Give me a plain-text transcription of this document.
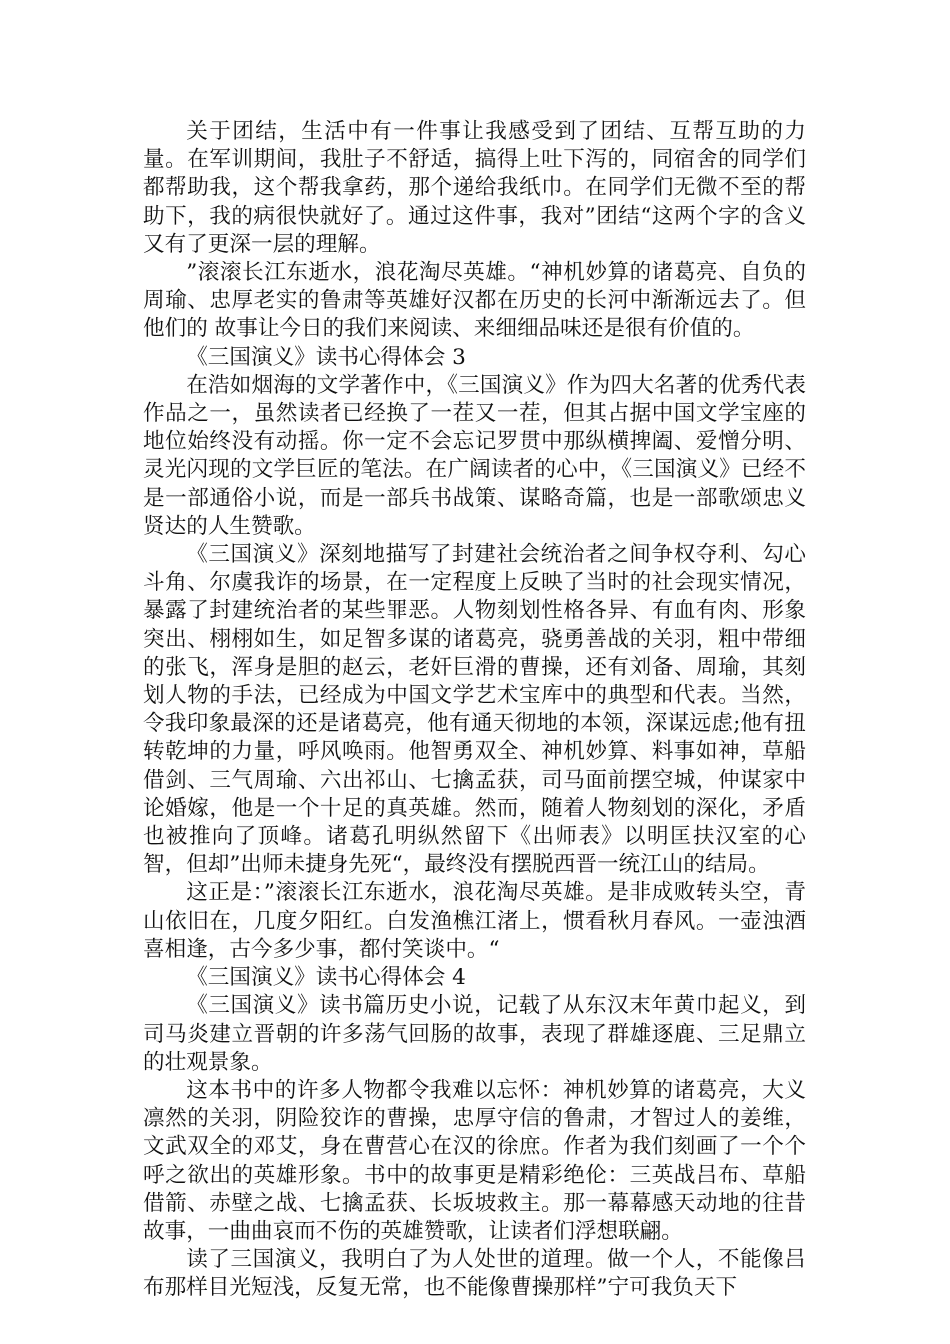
关于团结，生活中有一件事让我感受到了团结、互帮互助的力量。在军训期间，我肚子不舒适，搞得上吐下泻的，同宿舍的同学们都帮助我，这个帮我拿药，那个递给我纸巾。在同学们无微不至的帮助下，我的病很快就好了。通过这件事，我对”团结“这两个字的含义又有了更深一层的理解。

”滚滚长江东逝水，浪花淘尽英雄。“神机妙算的诸葛亮、自负的周瑜、忠厚老实的鲁肃等英雄好汉都在历史的长河中渐渐远去了。但他们的 故事让今日的我们来阅读、来细细品味还是很有价值的。

《三国演义》读书心得体会 3

在浩如烟海的文学著作中，《三国演义》作为四大名著的优秀代表作品之一，虽然读者已经换了一茬又一茬，但其占据中国文学宝座的地位始终没有动摇。你一定不会忘记罗贯中那纵横捭阖、爱憎分明、灵光闪现的文学巨匠的笔法。在广阔读者的心中，《三国演义》已经不是一部通俗小说，而是一部兵书战策、谋略奇篇，也是一部歌颂忠义贤达的人生赞歌。

《三国演义》深刻地描写了封建社会统治者之间争权夺利、勾心斗角、尔虞我诈的场景，在一定程度上反映了当时的社会现实情况，暴露了封建统治者的某些罪恶。人物刻划性格各异、有血有肉、形象突出、栩栩如生，如足智多谋的诸葛亮，骁勇善战的关羽，粗中带细的张飞，浑身是胆的赵云，老奸巨滑的曹操，还有刘备、周瑜，其刻划人物的手法，已经成为中国文学艺术宝库中的典型和代表。当然，令我印象最深的还是诸葛亮，他有通天彻地的本领，深谋远虑;他有扭转乾坤的力量，呼风唤雨。他智勇双全、神机妙算、料事如神，草船借剑、三气周瑜、六出祁山、七擒孟获，司马面前摆空城，仲谋家中论婚嫁，他是一个十足的真英雄。然而，随着人物刻划的深化，矛盾也被推向了顶峰。诸葛孔明纵然留下《出师表》以明匡扶汉室的心智，但却”出师未捷身先死“，最终没有摆脱西晋一统江山的结局。

这正是：”滚滚长江东逝水，浪花淘尽英雄。是非成败转头空，青山依旧在，几度夕阳红。白发渔樵江渚上，惯看秋月春风。一壶浊酒喜相逢，古今多少事，都付笑谈中。“

《三国演义》读书心得体会 4

《三国演义》读书篇历史小说，记载了从东汉末年黄巾起义，到司马炎建立晋朝的许多荡气回肠的故事，表现了群雄逐鹿、三足鼎立的壮观景象。

这本书中的许多人物都令我难以忘怀：神机妙算的诸葛亮，大义凛然的关羽，阴险狡诈的曹操，忠厚守信的鲁肃，才智过人的姜维，文武双全的邓艾，身在曹营心在汉的徐庶。作者为我们刻画了一个个呼之欲出的英雄形象。书中的故事更是精彩绝伦：三英战吕布、草船借箭、赤壁之战、七擒孟获、长坂坡救主。那一幕幕感天动地的往昔故事，一曲曲哀而不伤的英雄赞歌，让读者们浮想联翩。

读了三国演义，我明白了为人处世的道理。做一个人，不能像吕布那样目光短浅，反复无常，也不能像曹操那样”宁可我负天下
